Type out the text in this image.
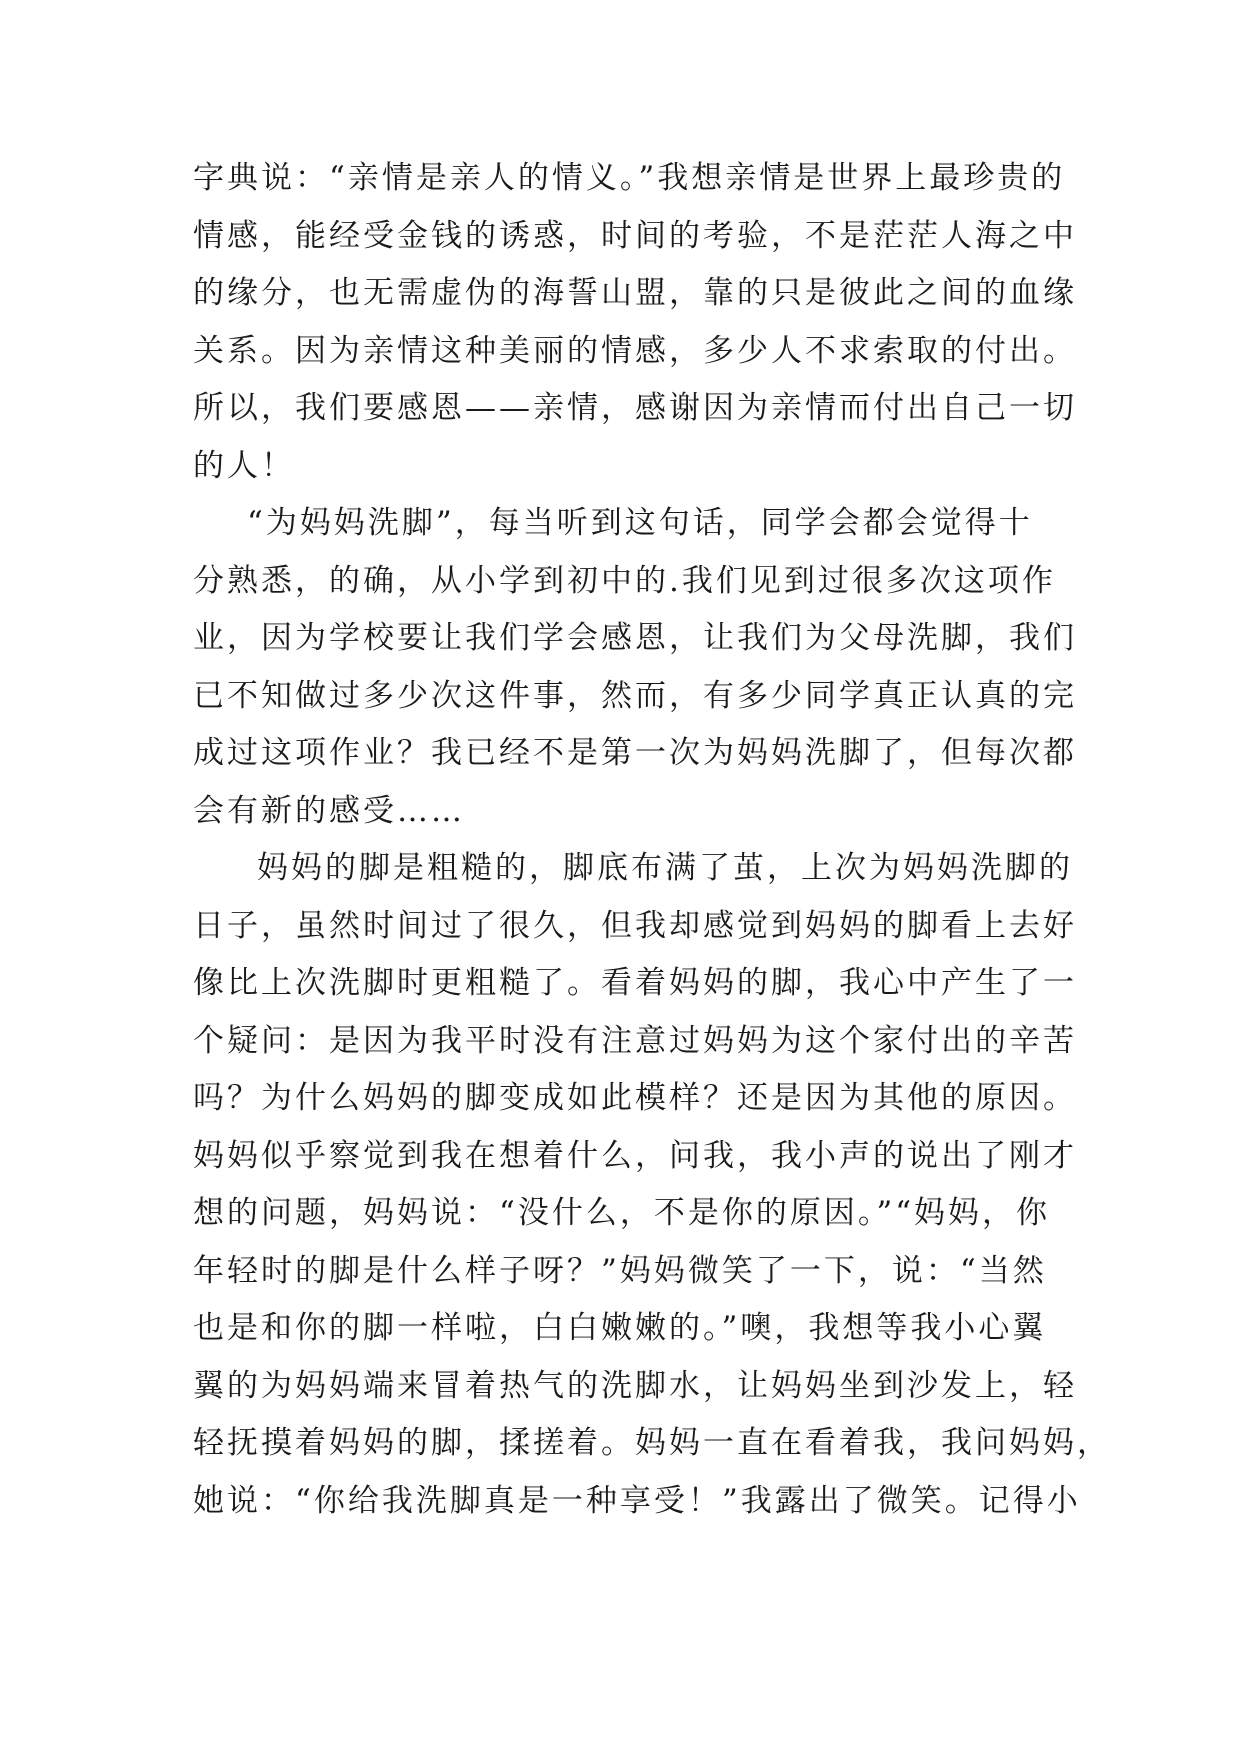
字典说：“亲情是亲人的情义。”我想亲情是世界上最珍贵的
情感，能经受金钱的诱惑，时间的考验，不是茫茫人海之中
的缘分，也无需虚伪的海誓山盟，靠的只是彼此之间的血缘
关系。因为亲情这种美丽的情感，多少人不求索取的付出。
所以，我们要感恩——亲情，感谢因为亲情而付出自己一切
的人！
“为妈妈洗脚”，每当听到这句话，同学会都会觉得十
分熟悉，的确，从小学到初中的.我们见到过很多次这项作
业，因为学校要让我们学会感恩，让我们为父母洗脚，我们
已不知做过多少次这件事，然而，有多少同学真正认真的完
成过这项作业？我已经不是第一次为妈妈洗脚了，但每次都
会有新的感受……
妈妈的脚是粗糙的，脚底布满了茧，上次为妈妈洗脚的
日子，虽然时间过了很久，但我却感觉到妈妈的脚看上去好
像比上次洗脚时更粗糙了。看着妈妈的脚，我心中产生了一
个疑问：是因为我平时没有注意过妈妈为这个家付出的辛苦
吗？为什么妈妈的脚变成如此模样？还是因为其他的原因。
妈妈似乎察觉到我在想着什么，问我，我小声的说出了刚才
想的问题，妈妈说：“没什么，不是你的原因。”“妈妈，你
年轻时的脚是什么样子呀？”妈妈微笑了一下，说：“当然
也是和你的脚一样啦，白白嫩嫩的。”噢，我想等我小心翼
翼的为妈妈端来冒着热气的洗脚水，让妈妈坐到沙发上，轻
轻抚摸着妈妈的脚，揉搓着。妈妈一直在看着我，我问妈妈，
她说：“你给我洗脚真是一种享受！”我露出了微笑。记得小
